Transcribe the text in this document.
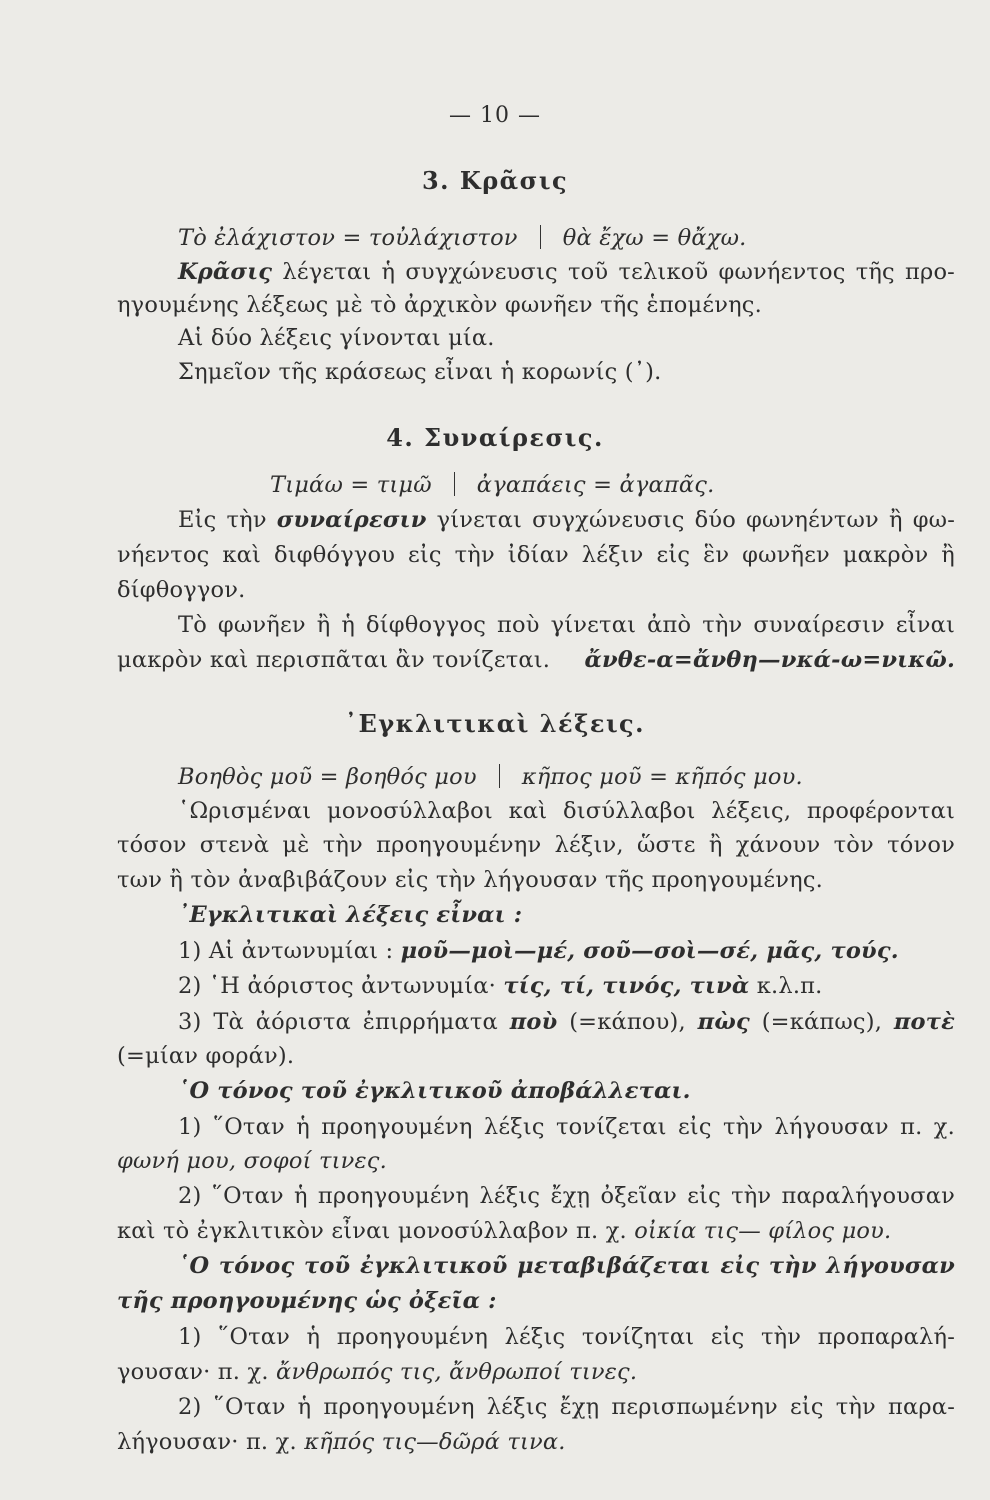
— 10 —
3. Κρᾶσις
Τὸ ἐλάχιστον = τοὐλάχιστον θὰ ἔχω = θἄχω.
Κρᾶσις λέγεται ἡ συγχώνευσις τοῦ τελικοῦ φωνήεντος τῆς προ-
ηγουμένης λέξεως μὲ τὸ ἀρχικὸν φωνῆεν τῆς ἑπομένης.
Αἱ δύο λέξεις γίνονται μία.
Σημεῖον τῆς κράσεως εἶναι ἡ κορωνίς (᾿).
4. Συναίρεσις.
Τιμάω = τιμῶ ἀγαπάεις = ἀγαπᾶς.
Εἰς τὴν συναίρεσιν γίνεται συγχώνευσις δύο φωνηέντων ἢ φω-
νήεντος καὶ διφθόγγου εἰς τὴν ἰδίαν λέξιν εἰς ἓν φωνῆεν μακρὸν ἢ
δίφθογγον.
Τὸ φωνῆεν ἢ ἡ δίφθογγος ποὺ γίνεται ἀπὸ τὴν συναίρεσιν εἶναι
μακρὸν καὶ περισπᾶται ἂν τονίζεται. ἄνθε-α=ἄνθη—νκά-ω=νικῶ.
᾿Εγκλιτικαὶ λέξεις.
Βοηθὸς μοῦ = βοηθός μου κῆπος μοῦ = κῆπός μου.
῾Ωρισμέναι μονοσύλλαβοι καὶ δισύλλαβοι λέξεις, προφέρονται
τόσον στενὰ μὲ τὴν προηγουμένην λέξιν, ὥστε ἢ χάνουν τὸν τόνον
των ἢ τὸν ἀναβιβάζουν εἰς τὴν λήγουσαν τῆς προηγουμένης.
᾿Εγκλιτικαὶ λέξεις εἶναι :
1) Αἱ ἀντωνυμίαι : μοῦ—μοὶ—μέ, σοῦ—σοὶ—σέ, μᾶς, τούς.
2) ῾Η ἀόριστος ἀντωνυμία· τίς, τί, τινός, τινὰ κ.λ.π.
3) Τὰ ἀόριστα ἐπιρρήματα ποὺ (=κάπου), πὼς (=κάπως), ποτὲ
(=μίαν φοράν).
῾Ο τόνος τοῦ ἐγκλιτικοῦ ἀποβάλλεται.
1) ῞Οταν ἡ προηγουμένη λέξις τονίζεται εἰς τὴν λήγουσαν π. χ.
φωνή μου, σοφοί τινες.
2) ῞Οταν ἡ προηγουμένη λέξις ἔχῃ ὀξεῖαν εἰς τὴν παραλήγουσαν
καὶ τὸ ἐγκλιτικὸν εἶναι μονοσύλλαβον π. χ. οἰκία τις— φίλος μου.
῾Ο τόνος τοῦ ἐγκλιτικοῦ μεταβιβάζεται εἰς τὴν λήγουσαν
τῆς προηγουμένης ὡς ὀξεῖα :
1) ῞Οταν ἡ προηγουμένη λέξις τονίζηται εἰς τὴν προπαραλή-
γουσαν· π. χ. ἄνθρωπός τις, ἄνθρωποί τινες.
2) ῞Οταν ἡ προηγουμένη λέξις ἔχῃ περισπωμένην εἰς τὴν παρα-
λήγουσαν· π. χ. κῆπός τις—δῶρά τινα.
